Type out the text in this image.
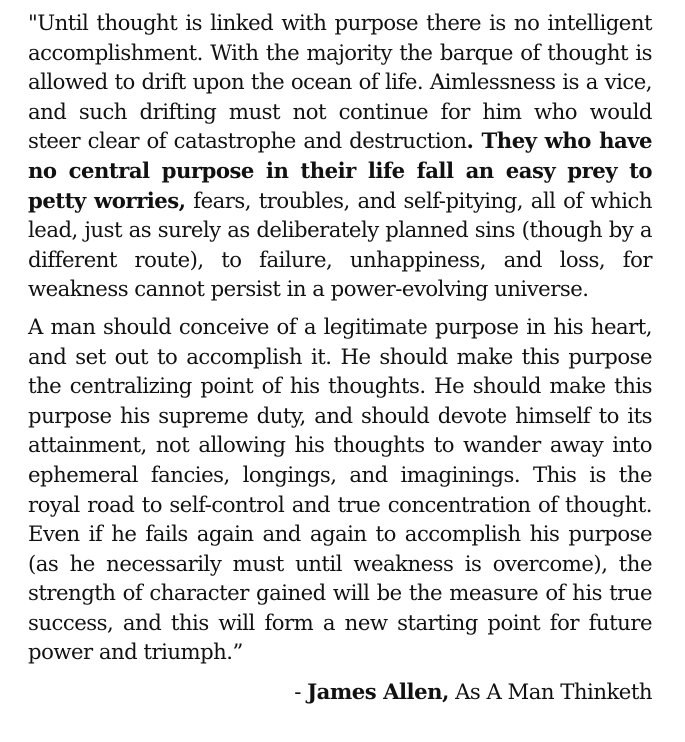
"Until thought is linked with purpose there is no intelligent accomplishment. With the majority the barque of thought is allowed to drift upon the ocean of life. Aimlessness is a vice, and such drifting must not continue for him who would steer clear of catastrophe and destruction. They who have no central purpose in their life fall an easy prey to petty worries, fears, troubles, and self-pitying, all of which lead, just as surely as deliberately planned sins (though by a different route), to failure, unhappiness, and loss, for weakness cannot persist in a power-evolving universe.

A man should conceive of a legitimate purpose in his heart, and set out to accomplish it. He should make this purpose the centralizing point of his thoughts. He should make this purpose his supreme duty, and should devote himself to its attainment, not allowing his thoughts to wander away into ephemeral fancies, longings, and imaginings. This is the royal road to self-control and true concentration of thought. Even if he fails again and again to accomplish his purpose (as he necessarily must until weakness is overcome), the strength of character gained will be the measure of his true success, and this will form a new starting point for future power and triumph.”

- James Allen, As A Man Thinketh
